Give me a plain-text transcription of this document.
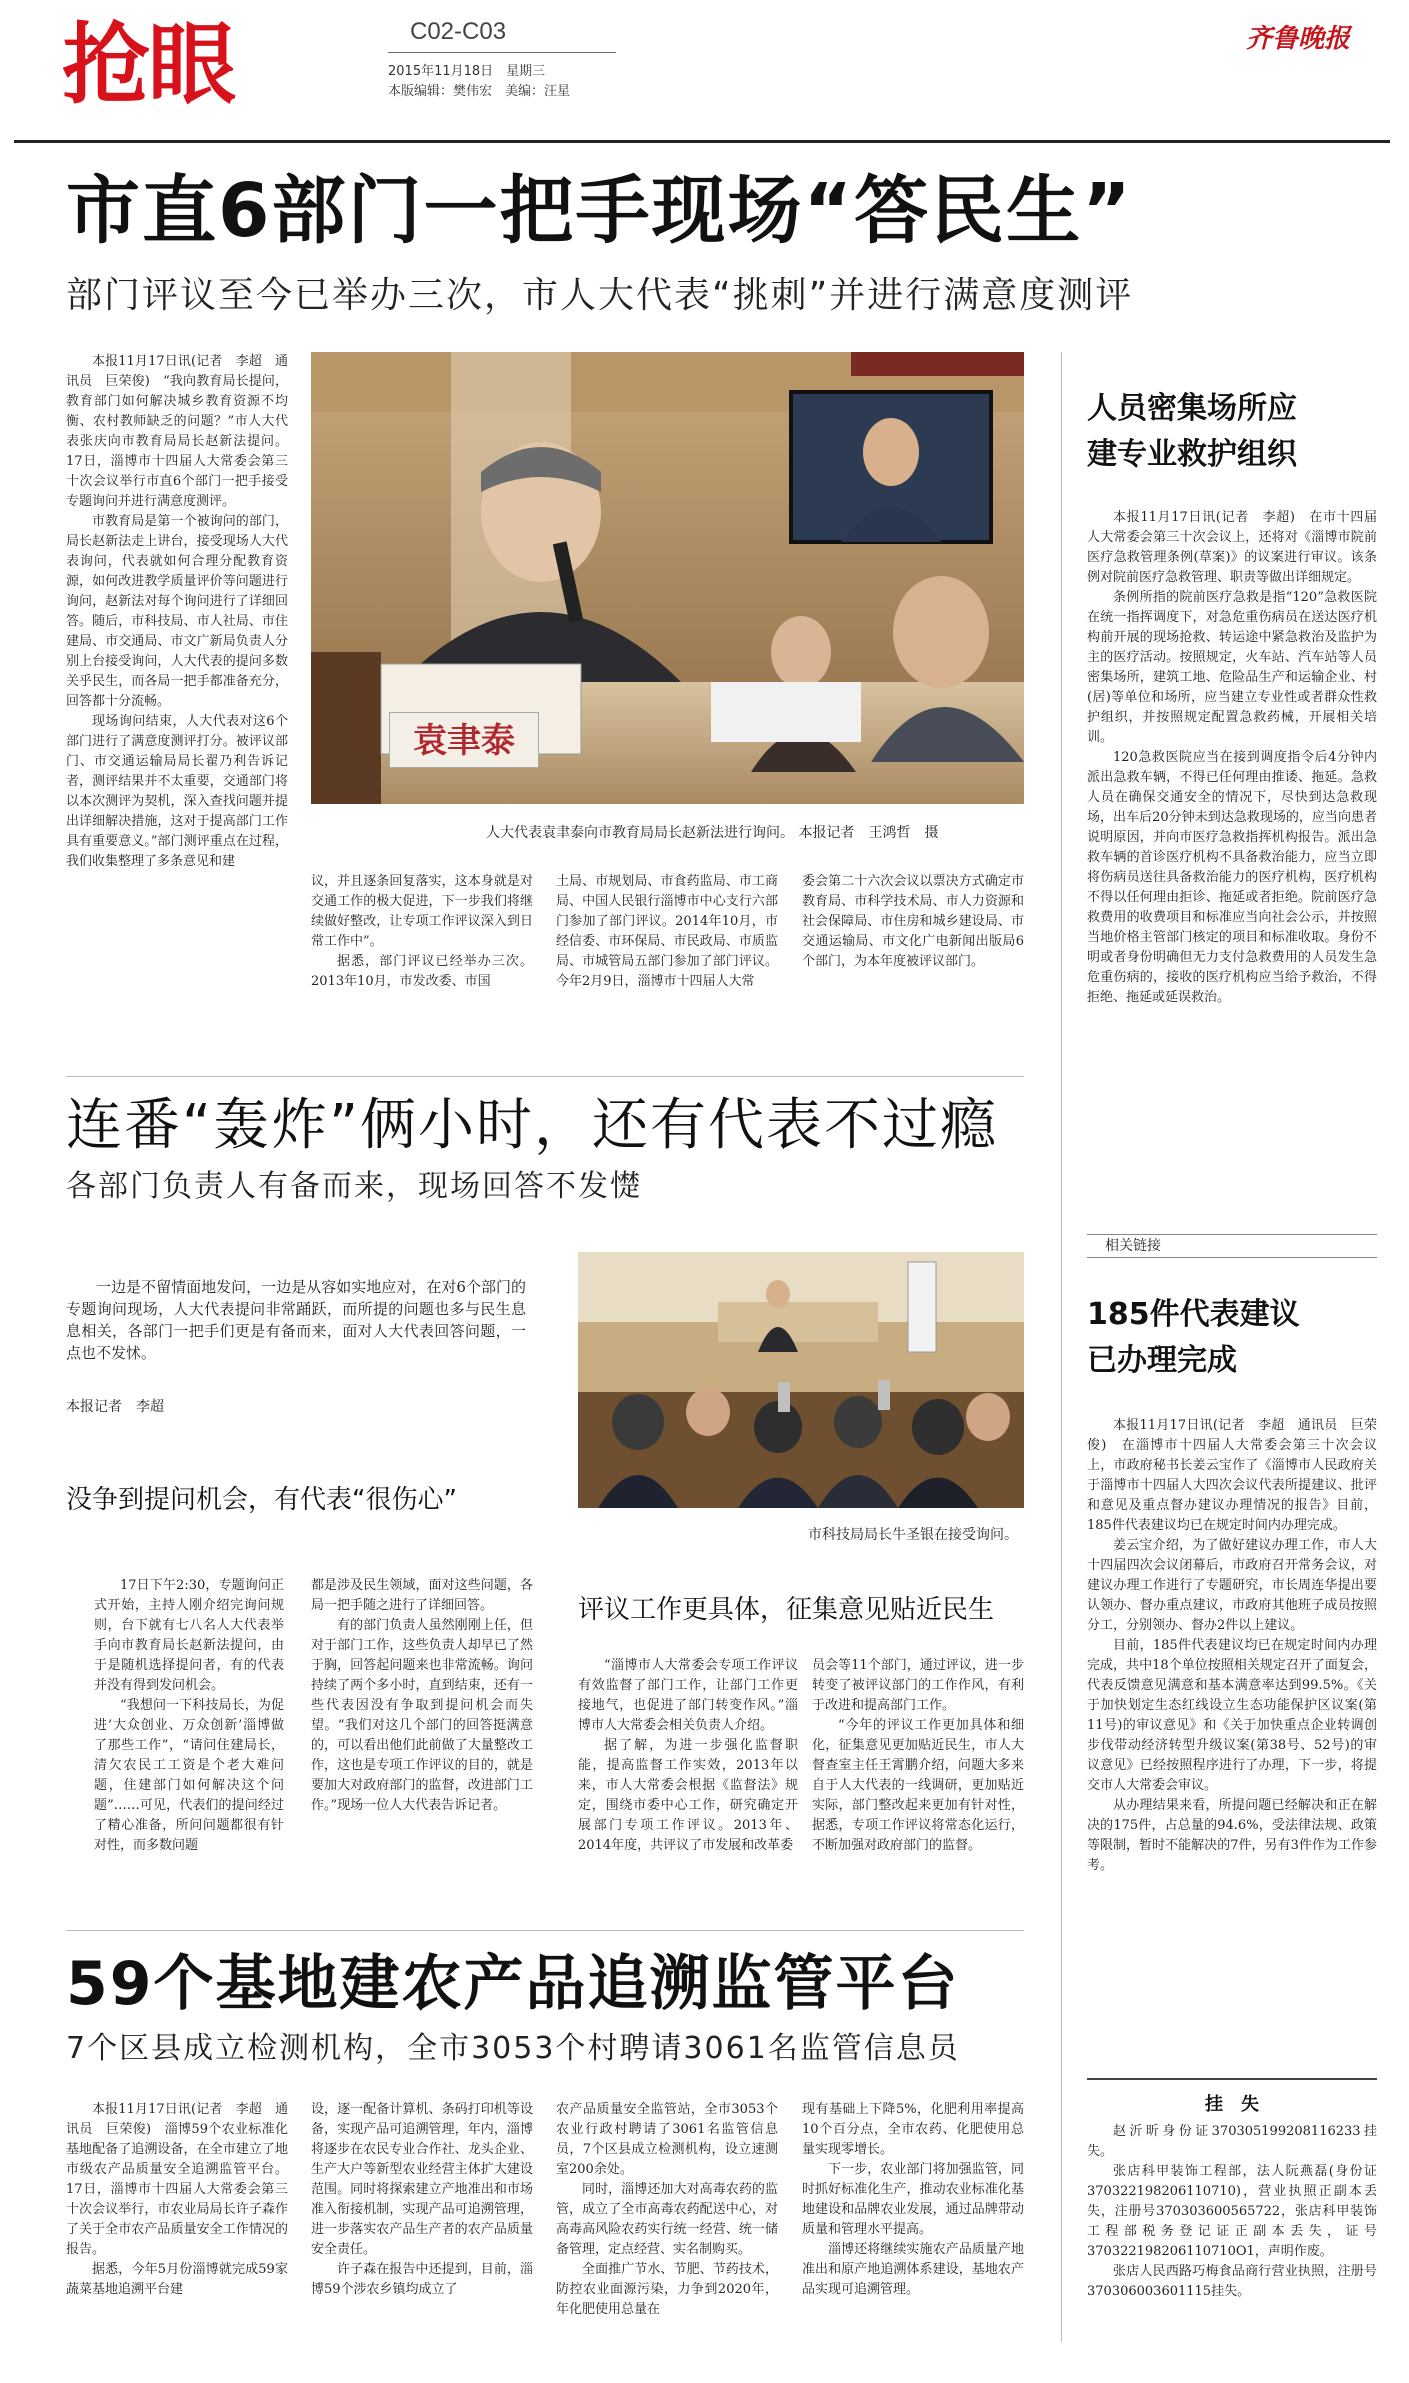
抢眼	C02-C03
2015年11月18日　星期三
本版编辑：樊伟宏　美编：汪星
齐鲁晚报
市直6部门一把手现场“答民生”
部门评议至今已举办三次，市人大代表“挑刺”并进行满意度测评

本报11月17日讯(记者　李超　通讯员　巨荣俊)　“我向教育局长提问，教育部门如何解决城乡教育资源不均衡、农村教师缺乏的问题？”市人大代表张庆向市教育局局长赵新法提问。17日，淄博市十四届人大常委会第三十次会议举行市直6个部门一把手接受专题询问并进行满意度测评。

市教育局是第一个被询问的部门，局长赵新法走上讲台，接受现场人大代表询问，代表就如何合理分配教育资源，如何改进教学质量评价等问题进行询问，赵新法对每个询问进行了详细回答。随后，市科技局、市人社局、市住建局、市交通局、市文广新局负责人分别上台接受询问，人大代表的提问多数关乎民生，而各局一把手都准备充分，回答都十分流畅。

现场询问结束，人大代表对这6个部门进行了满意度测评打分。被评议部门、市交通运输局局长翟乃利告诉记者，测评结果并不太重要，交通部门将以本次测评为契机，深入查找问题并提出详细解决措施，这对于提高部门工作具有重要意义。”部门测评重点在过程，我们收集整理了多条意见和建

袁聿泰
人大代表袁聿泰向市教育局局长赵新法进行询问。 本报记者　王鸿哲　摄

议，并且逐条回复落实，这本身就是对交通工作的极大促进，下一步我们将继续做好整改，让专项工作评议深入到日常工作中”。

据悉，部门评议已经举办三次。2013年10月，市发改委、市国

土局、市规划局、市食药监局、市工商局、中国人民银行淄博市中心支行六部门参加了部门评议。2014年10月，市经信委、市环保局、市民政局、市质监局、市城管局五部门参加了部门评议。今年2月9日，淄博市十四届人大常

委会第二十六次会议以票决方式确定市教育局、市科学技术局、市人力资源和社会保障局、市住房和城乡建设局、市交通运输局、市文化广电新闻出版局6个部门，为本年度被评议部门。

人员密集场所应建专业救护组织

本报11月17日讯(记者　李超)　在市十四届人大常委会第三十次会议上，还将对《淄博市院前医疗急救管理条例(草案)》的议案进行审议。该条例对院前医疗急救管理、职责等做出详细规定。

条例所指的院前医疗急救是指“120”急救医院在统一指挥调度下，对急危重伤病员在送达医疗机构前开展的现场抢救、转运途中紧急救治及监护为主的医疗活动。按照规定，火车站、汽车站等人员密集场所，建筑工地、危险品生产和运输企业、村(居)等单位和场所，应当建立专业性或者群众性救护组织，并按照规定配置急救药械，开展相关培训。

120急救医院应当在接到调度指令后4分钟内派出急救车辆，不得已任何理由推诿、拖延。急救人员在确保交通安全的情况下，尽快到达急救现场，出车后20分钟未到达急救现场的，应当向患者说明原因，并向市医疗急救指挥机构报告。派出急救车辆的首诊医疗机构不具备救治能力，应当立即将伤病员送往具备救治能力的医疗机构，医疗机构不得以任何理由拒诊、拖延或者拒绝。院前医疗急救费用的收费项目和标准应当向社会公示，并按照当地价格主管部门核定的项目和标准收取。身份不明或者身份明确但无力支付急救费用的人员发生急危重伤病的，接收的医疗机构应当给予救治，不得拒绝、拖延或延误救治。

相关链接
185件代表建议已办理完成

本报11月17日讯(记者　李超　通讯员　巨荣俊)　在淄博市十四届人大常委会第三十次会议上，市政府秘书长姜云宝作了《淄博市人民政府关于淄博市十四届人大四次会议代表所提建议、批评和意见及重点督办建议办理情况的报告》目前，185件代表建议均已在规定时间内办理完成。

姜云宝介绍，为了做好建议办理工作，市人大十四届四次会议闭幕后，市政府召开常务会议，对建议办理工作进行了专题研究，市长周连华提出要认领办、督办重点建议，市政府其他班子成员按照分工，分别领办、督办2件以上建议。

目前，185件代表建议均已在规定时间内办理完成，共中18个单位按照相关规定召开了面复会，代表反馈意见满意和基本满意率达到99.5%。《关于加快划定生态红线设立生态功能保护区议案(第11号)的审议意见》和《关于加快重点企业转调创步伐带动经济转型升级议案(第38号、52号)的审议意见》已经按照程序进行了办理，下一步，将提交市人大常委会审议。

从办理结果来看，所提问题已经解决和正在解决的175件，占总量的94.6%，受法律法规、政策等限制，暂时不能解决的7件，另有3件作为工作参考。

挂　失

赵沂昕身份证370305199208116233挂失。

张店科甲装饰工程部，法人阮燕磊(身份证370322198206110710)，营业执照正副本丢失，注册号370303600565722，张店科甲装饰工程部税务登记证正副本丢失，证号370322198206110710O1，声明作废。

张店人民西路巧梅食品商行营业执照，注册号370306003601115挂失。

连番“轰炸”俩小时，还有代表不过瘾
各部门负责人有备而来，现场回答不发憷

一边是不留情面地发问，一边是从容如实地应对，在对6个部门的专题询问现场，人大代表提问非常踊跃，而所提的问题也多与民生息息相关，各部门一把手们更是有备而来，面对人大代表回答问题，一点也不发怵。

本报记者　李超
市科技局局长牛圣银在接受询问。
没争到提问机会，有代表“很伤心”

17日下午2:30，专题询问正式开始，主持人刚介绍完询问规则，台下就有七八名人大代表举手向市教育局长赵新法提问，由于是随机选择提问者，有的代表并没有得到发问机会。

“我想问一下科技局长，为促进‘大众创业、万众创新’淄博做了那些工作”，“请问住建局长，清欠农民工工资是个老大难问题，住建部门如何解决这个问题”……可见，代表们的提问经过了精心准备，所问问题都很有针对性，而多数问题

都是涉及民生领域，面对这些问题，各局一把手随之进行了详细回答。

有的部门负责人虽然刚刚上任，但对于部门工作，这些负责人却早已了然于胸，回答起问题来也非常流畅。询问持续了两个多小时，直到结束，还有一些代表因没有争取到提问机会而失望。“我们对这几个部门的回答挺满意的，可以看出他们此前做了大量整改工作，这也是专项工作评议的目的，就是要加大对政府部门的监督，改进部门工作。”现场一位人大代表告诉记者。

评议工作更具体，征集意见贴近民生

“淄博市人大常委会专项工作评议有效监督了部门工作，让部门工作更接地气，也促进了部门转变作风。”淄博市人大常委会相关负责人介绍。

据了解，为进一步强化监督职能，提高监督工作实效，2013年以来，市人大常委会根据《监督法》规定，围绕市委中心工作，研究确定开展部门专项工作评议。2013年、2014年度，共评议了市发展和改革委

员会等11个部门，通过评议，进一步转变了被评议部门的工作作风，有利于改进和提高部门工作。

“今年的评议工作更加具体和细化，征集意见更加贴近民生，市人大督查室主任王霄鹏介绍，问题大多来自于人大代表的一线调研，更加贴近实际，部门整改起来更加有针对性，据悉，专项工作评议将常态化运行，不断加强对政府部门的监督。

59个基地建农产品追溯监管平台
7个区县成立检测机构，全市3053个村聘请3061名监管信息员

本报11月17日讯(记者　李超　通讯员　巨荣俊)　淄博59个农业标准化基地配备了追溯设备，在全市建立了地市级农产品质量安全追溯监管平台。17日，淄博市十四届人大常委会第三十次会议举行，市农业局局长许子森作了关于全市农产品质量安全工作情况的报告。

据悉，今年5月份淄博就完成59家蔬菜基地追溯平台建

设，逐一配备计算机、条码打印机等设备，实现产品可追溯管理，年内，淄博将逐步在农民专业合作社、龙头企业、生产大户等新型农业经营主体扩大建设范围。同时将探索建立产地准出和市场准入衔接机制，实现产品可追溯管理，进一步落实农产品生产者的农产品质量安全责任。

许子森在报告中还提到，目前，淄博59个涉农乡镇均成立了

农产品质量安全监管站，全市3053个农业行政村聘请了3061名监管信息员，7个区县成立检测机构，设立速测室200余处。

同时，淄博还加大对高毒农药的监管，成立了全市高毒农药配送中心，对高毒高风险农药实行统一经营、统一储备管理，定点经营、实名制购买。

全面推广节水、节肥、节药技术，防控农业面源污染，力争到2020年，年化肥使用总量在

现有基础上下降5%，化肥利用率提高10个百分点，全市农药、化肥使用总量实现零增长。

下一步，农业部门将加强监管，同时抓好标准化生产，推动农业标准化基地建设和品牌农业发展，通过品牌带动质量和管理水平提高。

淄博还将继续实施农产品质量产地准出和原产地追溯体系建设，基地农产品实现可追溯管理。
